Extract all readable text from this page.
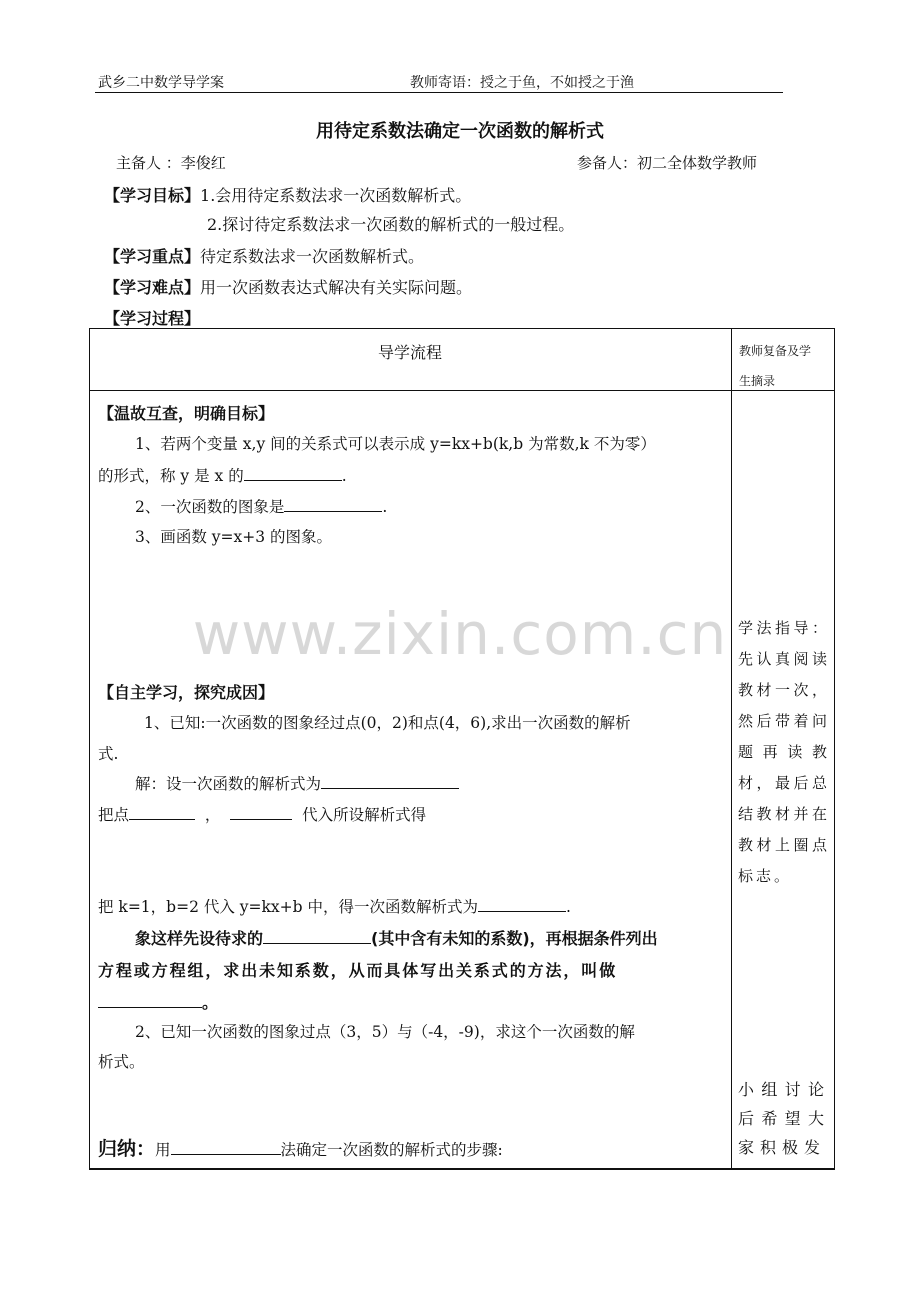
武乡二中数学导学案	教师寄语：授之于鱼，不如授之于渔
用待定系数法确定一次函数的解析式
主备人 ：李俊红	参备人：初二全体数学教师
【学习目标】1.会用待定系数法求一次函数解析式。
2.探讨待定系数法求一次函数的解析式的一般过程。
【学习重点】待定系数法求一次函数解析式。
【学习难点】用一次函数表达式解决有关实际问题。
【学习过程】
导学流程	教师复备及学
生摘录
www.zixin.com.cn
【温故互查，明确目标】
1、若两个变量 x,y 间的关系式可以表示成 y=kx+b(k,b 为常数,k 不为零）
的形式，称 y 是 x 的	.
2、一次函数的图象是	.
3、画函数 y=x+3 的图象。
【自主学习，探究成因】
1、已知:一次函数的图象经过点(0，2)和点(4，6),求出一次函数的解析
式.
解：设一次函数的解析式为
把点	，	代入所设解析式得
把 k=1，b=2 代入 y=kx+b 中，得一次函数解析式为	.
象这样先设待求的	(其中含有未知的系数)，再根据条件列出
方程或方程组，求出未知系数，从而具体写出关系式的方法，叫做
。
2、已知一次函数的图象过点（3，5）与（-4，-9)，求这个一次函数的解
析式。
归纳：用	法确定一次函数的解析式的步骤:
学法指导：先认真阅读教材一次，然后带着问题再读教材，最后总结教材并在教材上圈点标志。
小组讨论后希望大家积极发
